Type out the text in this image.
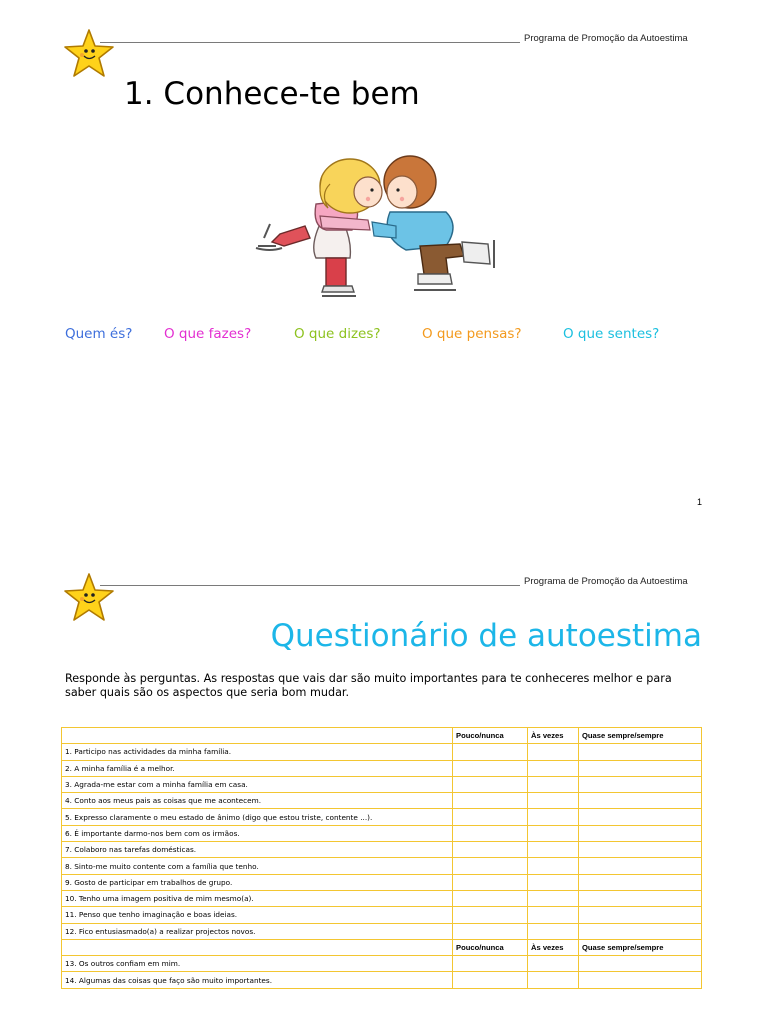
Programa de Promoção da Autoestima
1. Conhece-te bem
Quem és? O que fazes?	O que dizes?	O que pensas?	O que sentes?
1
Programa de Promoção da Autoestima
Questionário de autoestima
Responde às perguntas. As respostas que vais dar são muito importantes para te conheceres melhor e para saber quais são os aspectos que seria bom mudar.
	Pouco/nunca	Às vezes	Quase sempre/sempre
1. Participo nas actividades da minha família.			
2. A minha família é a melhor.			
3. Agrada-me estar com a minha família em casa.			
4. Conto aos meus pais as coisas que me acontecem.			
5. Expresso claramente o meu estado de ânimo (digo que estou triste, contente ...).			
6. É importante darmo-nos bem com os irmãos.			
7. Colaboro nas tarefas domésticas.			
8. Sinto-me muito contente com a família que tenho.			
9. Gosto de participar em trabalhos de grupo.			
10. Tenho uma imagem positiva de mim mesmo(a).			
11. Penso que tenho imaginação e boas ideias.			
12. Fico entusiasmado(a) a realizar projectos novos.			
	Pouco/nunca	Às vezes	Quase sempre/sempre
13. Os outros confiam em mim.			
14. Algumas das coisas que faço são muito importantes.			
